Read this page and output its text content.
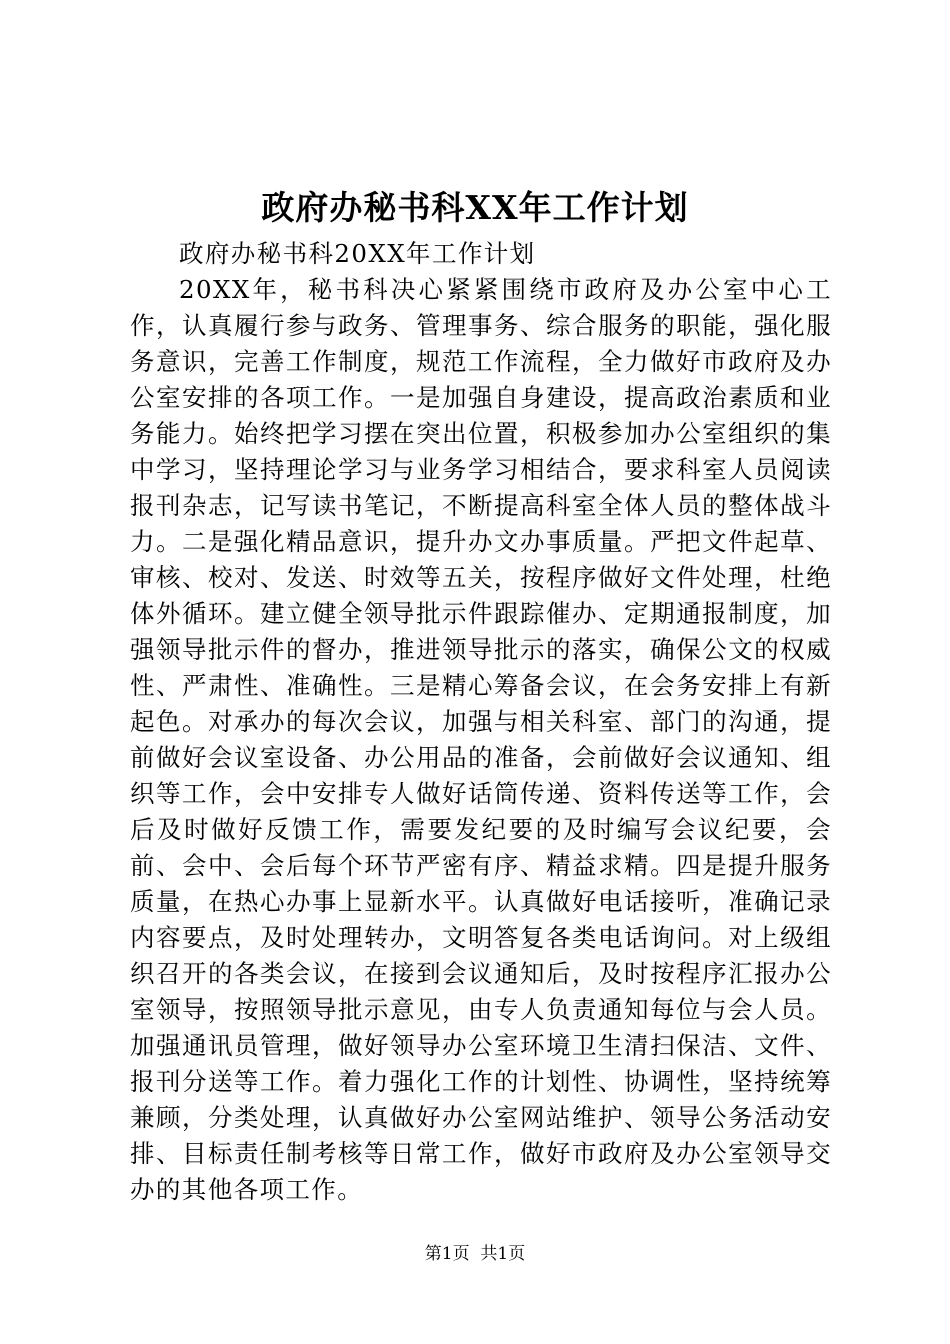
政府办秘书科XX年工作计划

政府办秘书科20XX年工作计划

20XX年，秘书科决心紧紧围绕市政府及办公室中心工作，认真履行参与政务、管理事务、综合服务的职能，强化服务意识，完善工作制度，规范工作流程，全力做好市政府及办公室安排的各项工作。一是加强自身建设，提高政治素质和业务能力。始终把学习摆在突出位置，积极参加办公室组织的集中学习，坚持理论学习与业务学习相结合，要求科室人员阅读报刊杂志，记写读书笔记，不断提高科室全体人员的整体战斗力。二是强化精品意识，提升办文办事质量。严把文件起草、审核、校对、发送、时效等五关，按程序做好文件处理，杜绝体外循环。建立健全领导批示件跟踪催办、定期通报制度，加强领导批示件的督办，推进领导批示的落实，确保公文的权威性、严肃性、准确性。三是精心筹备会议，在会务安排上有新起色。对承办的每次会议，加强与相关科室、部门的沟通，提前做好会议室设备、办公用品的准备，会前做好会议通知、组织等工作，会中安排专人做好话筒传递、资料传送等工作，会后及时做好反馈工作，需要发纪要的及时编写会议纪要，会前、会中、会后每个环节严密有序、精益求精。四是提升服务质量，在热心办事上显新水平。认真做好电话接听，准确记录内容要点，及时处理转办，文明答复各类电话询问。对上级组织召开的各类会议，在接到会议通知后，及时按程序汇报办公室领导，按照领导批示意见，由专人负责通知每位与会人员。加强通讯员管理，做好领导办公室环境卫生清扫保洁、文件、报刊分送等工作。着力强化工作的计划性、协调性，坚持统筹兼顾，分类处理，认真做好办公室网站维护、领导公务活动安排、目标责任制考核等日常工作，做好市政府及办公室领导交办的其他各项工作。

第1页  共1页
